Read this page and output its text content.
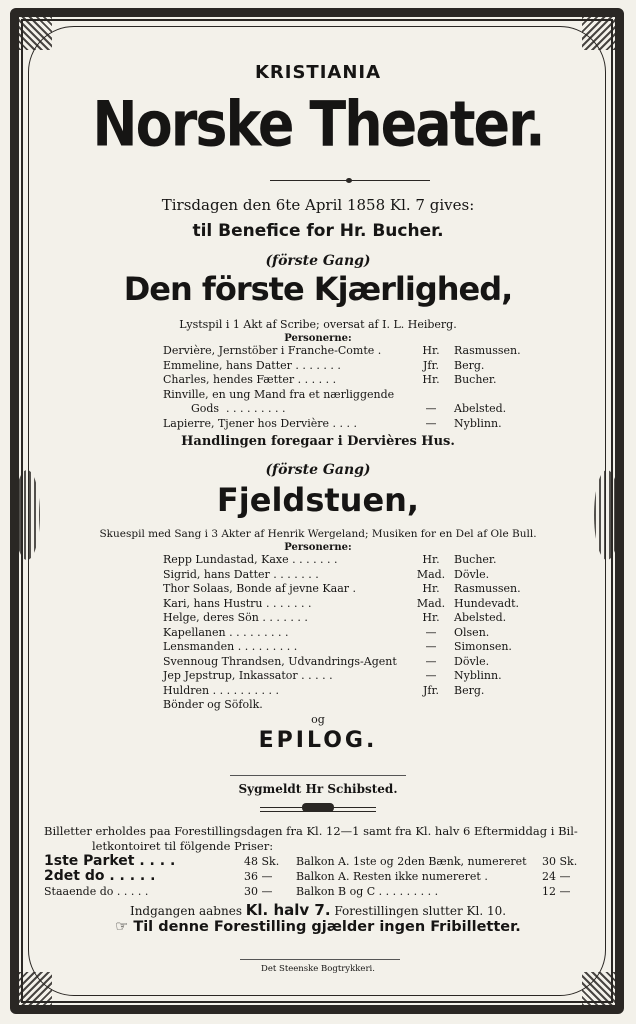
KRISTIANIA
Norske Theater.
Tirsdagen den 6te April 1858 Kl. 7 gives:
til Benefice for Hr. Bucher.
(förste Gang)
Den förste Kjærlighed,
Lystspil i 1 Akt af Scribe; oversat af I. L. Heiberg.
Personerne:
Dervière, Jernstöber i Franche-Comte .	Hr.	Rasmussen.
Emmeline, hans Datter . . . . . . .	Jfr.	Berg.
Charles, hendes Fætter . . . . . .	Hr.	Bucher.
Rinville, en ung Mand fra et nærliggende
Gods  . . . . . . . . .	—	Abelsted.
Lapierre, Tjener hos Dervière . . . .	—	Nyblinn.
Handlingen foregaar i Dervières Hus.
(förste Gang)
Fjeldstuen,
Skuespil med Sang i 3 Akter af Henrik Wergeland; Musiken for en Del af Ole Bull.
Personerne:
Repp Lundastad, Kaxe . . . . . . .	Hr.	Bucher.
Sigrid, hans Datter . . . . . . .	Mad. Dövle.
Thor Solaas, Bonde af jevne Kaar .	Hr.	Rasmussen.
Kari, hans Hustru . . . . . . .	Mad. Hundevadt.
Helge, deres Sön . . . . . . .	Hr.	Abelsted.
Kapellanen . . . . . . . . .	—	Olsen.
Lensmanden . . . . . . . . .	—	Simonsen.
Svennoug Thrandsen, Udvandrings-Agent	—	Dövle.
Jep Jepstrup, Inkassator . . . . .	—	Nyblinn.
Huldren . . . . . . . . . .	Jfr.	Berg.
Bönder og Söfolk.
og
EPILOG.
Sygmeldt Hr Schibsted.
Billetter erholdes paa Forestillingsdagen fra Kl. 12—1 samt fra Kl. halv 6 Eftermiddag i Bil-
letkontoiret til fölgende Priser:
1ste Parket . . . .	48 Sk. Balkon A. 1ste og 2den Bænk, numereret 30 Sk.
2det do . . . . .	36 — Balkon A. Resten ikke numereret .	24 —
Staaende do . . . . .	30 — Balkon B og C . . . . . . . . .	12 —
Indgangen aabnes Kl. halv 7. Forestillingen slutter Kl. 10.
☞ Til denne Forestilling gjælder ingen Fribilletter.
Det Steenske Bogtrykkeri.
